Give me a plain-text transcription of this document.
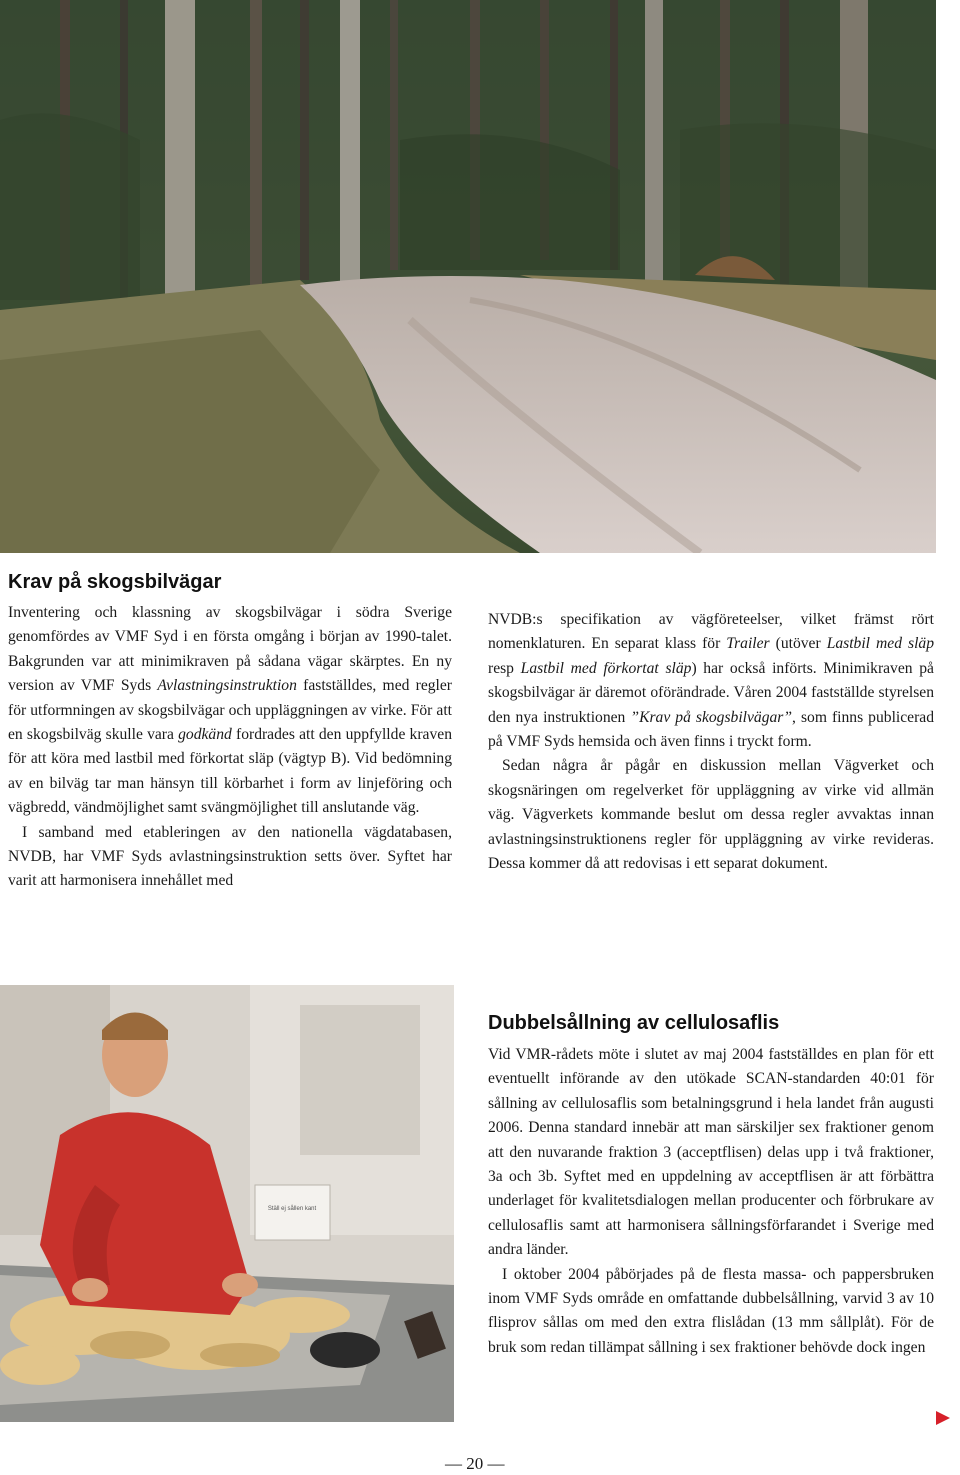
Krav på skogsbilvägar

Inventering och klassning av skogsbilvägar i södra Sverige genomfördes av VMF Syd i en första omgång i början av 1990-talet. Bakgrunden var att minimikraven på sådana vägar skärptes. En ny version av VMF Syds Avlastningsinstruktion fastställdes, med regler för utformningen av skogsbilvägar och uppläggningen av virke. För att en skogsbilväg skulle vara godkänd fordrades att den uppfyllde kraven för att köra med lastbil med förkortat släp (vägtyp B). Vid bedömning av en bilväg tar man hänsyn till körbarhet i form av linjeföring och vägbredd, vändmöjlighet samt svängmöjlighet till anslutande väg.

I samband med etableringen av den nationella vägdatabasen, NVDB, har VMF Syds avlastningsinstruktion setts över. Syftet har varit att harmonisera innehållet med

NVDB:s specifikation av vägföreteelser, vilket främst rört nomenklaturen. En separat klass för Trailer (utöver Lastbil med släp resp Lastbil med förkortat släp) har också införts. Minimikraven på skogsbilvägar är däremot oförändrade. Våren 2004 fastställde styrelsen den nya instruktionen ”Krav på skogsbilvägar”, som finns publicerad på VMF Syds hemsida och även finns i tryckt form.

Sedan några år pågår en diskussion mellan Vägverket och skogsnäringen om regelverket för uppläggning av virke vid allmän väg. Vägverkets kommande beslut om dessa regler avvaktas innan avlastningsinstruktionens regler för uppläggning av virke revideras. Dessa kommer då att redovisas i ett separat dokument.

Ställ ej sållen kant
Dubbelsållning av cellulosaflis

Vid VMR-rådets möte i slutet av maj 2004 fastställdes en plan för ett eventuellt införande av den utökade SCAN-standarden 40:01 för sållning av cellulosaflis som betalningsgrund i hela landet från augusti 2006. Denna standard innebär att man särskiljer sex fraktioner genom att den nuvarande fraktion 3 (acceptflisen) delas upp i två fraktioner, 3a och 3b. Syftet med en uppdelning av acceptflisen är att förbättra underlaget för kvalitetsdialogen mellan producenter och förbrukare av cellulosaflis samt att harmonisera sållningsförfarandet i Sverige med andra länder.

I oktober 2004 påbörjades på de flesta massa- och pappersbruken inom VMF Syds område en omfattande dubbelsållning, varvid 3 av 10 flisprov sållas om med den extra flislådan (13 mm sållplåt). För de bruk som redan tillämpat sållning i sex fraktioner behövde dock ingen

— 20 —
